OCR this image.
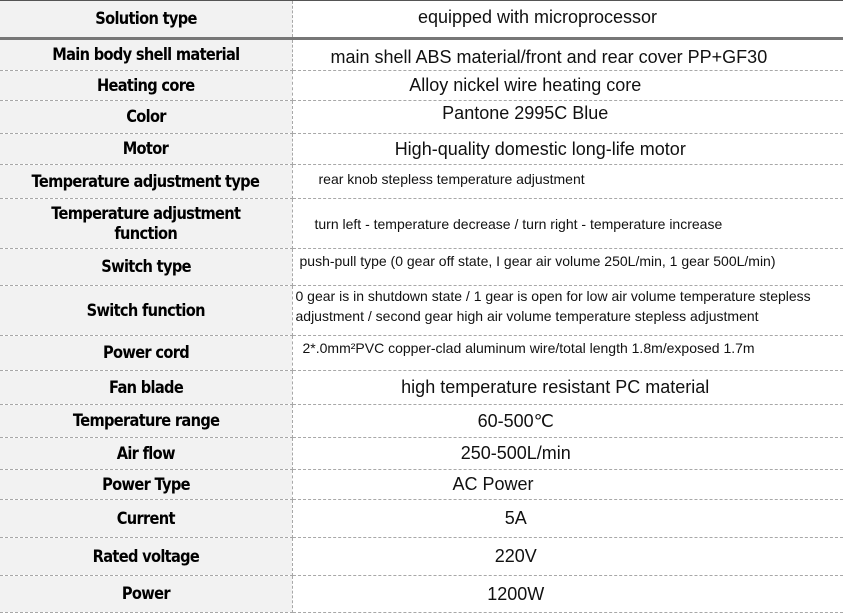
Solution type	equipped with microprocessor
Main body shell material	main shell ABS material/front and rear cover PP+GF30
Heating core	Alloy nickel wire heating core
Color	Pantone 2995C Blue
Motor	High-quality domestic long-life motor
Temperature adjustment type	rear knob stepless temperature adjustment
Temperature adjustment function	turn left - temperature decrease / turn right - temperature increase
Switch type	push-pull type (0 gear off state, I gear air volume 250L/min, 1 gear 500L/min)
Switch function	0 gear is in shutdown state / 1 gear is open for low air volume temperature stepless adjustment / second gear high air volume temperature stepless adjustment
Power cord	2*.0mm²PVC copper-clad aluminum wire/total length 1.8m/exposed 1.7m
Fan blade	high temperature resistant PC material
Temperature range	60-500℃
Air flow	250-500L/min
Power Type	AC Power
Current	5A
Rated voltage	220V
Power	1200W
